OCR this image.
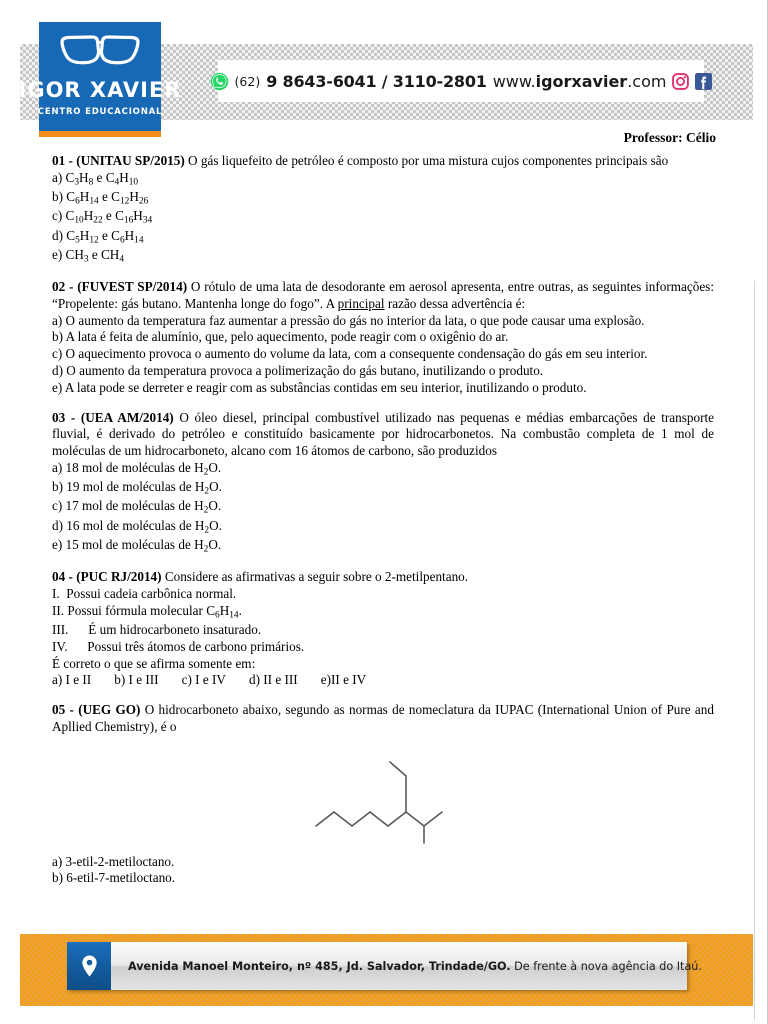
IGOR XAVIER
CENTRO EDUCACIONAL
(62) 9 8643-6041 / 3110-2801 www.igorxavier.com
Professor: Célio
01 - (UNITAU SP/2015) O gás liquefeito de petróleo é composto por uma mistura cujos componentes principais são
a) $C_3H_8$ e $C_4H_{10}$
b) $C_6H_{14}$ e $C_{12}H_{26}$
c) $C_{10}H_{22}$ e $C_{16}H_{34}$
d) $C_5H_{12}$ e $C_6H_{14}$
e) $CH_3$ e $CH_4$
02 - (FUVEST SP/2014) O rótulo de uma lata de desodorante em aerosol apresenta, entre outras, as seguintes informações: “Propelente: gás butano. Mantenha longe do fogo”. A principal razão dessa advertência é:
a) O aumento da temperatura faz aumentar a pressão do gás no interior da lata, o que pode causar uma explosão.
b) A lata é feita de alumínio, que, pelo aquecimento, pode reagir com o oxigênio do ar.
c) O aquecimento provoca o aumento do volume da lata, com a consequente condensação do gás em seu interior.
d) O aumento da temperatura provoca a polimerização do gás butano, inutilizando o produto.
e) A lata pode se derreter e reagir com as substâncias contidas em seu interior, inutilizando o produto.
03 - (UEA AM/2014) O óleo diesel, principal combustível utilizado nas pequenas e médias embarcações de transporte fluvial, é derivado do petróleo e constituído basicamente por hidrocarbonetos. Na combustão completa de 1 mol de moléculas de um hidrocarboneto, alcano com 16 átomos de carbono, são produzidos
a) 18 mol de moléculas de $H_2O$.
b) 19 mol de moléculas de $H_2O$.
c) 17 mol de moléculas de $H_2O$.
d) 16 mol de moléculas de $H_2O$.
e) 15 mol de moléculas de $H_2O$.
04 - (PUC RJ/2014) Considere as afirmativas a seguir sobre o 2-metilpentano.
I. Possui cadeia carbônica normal.
II. Possui fórmula molecular $C_6H_{14}$.
III. É um hidrocarboneto insaturado.
IV. Possui três átomos de carbono primários.
É correto o que se afirma somente em:
a) I e II b) I e III c) I e IV d) II e III e)II e IV
05 - (UEG GO) O hidrocarboneto abaixo, segundo as normas de nomeclatura da IUPAC (International Union of Pure and Apllied Chemistry), é o
a) 3-etil-2-metiloctano.
b) 6-etil-7-metiloctano.
Avenida Manoel Monteiro, nº 485, Jd. Salvador, Trindade/GO. De frente à nova agência do Itaú.
